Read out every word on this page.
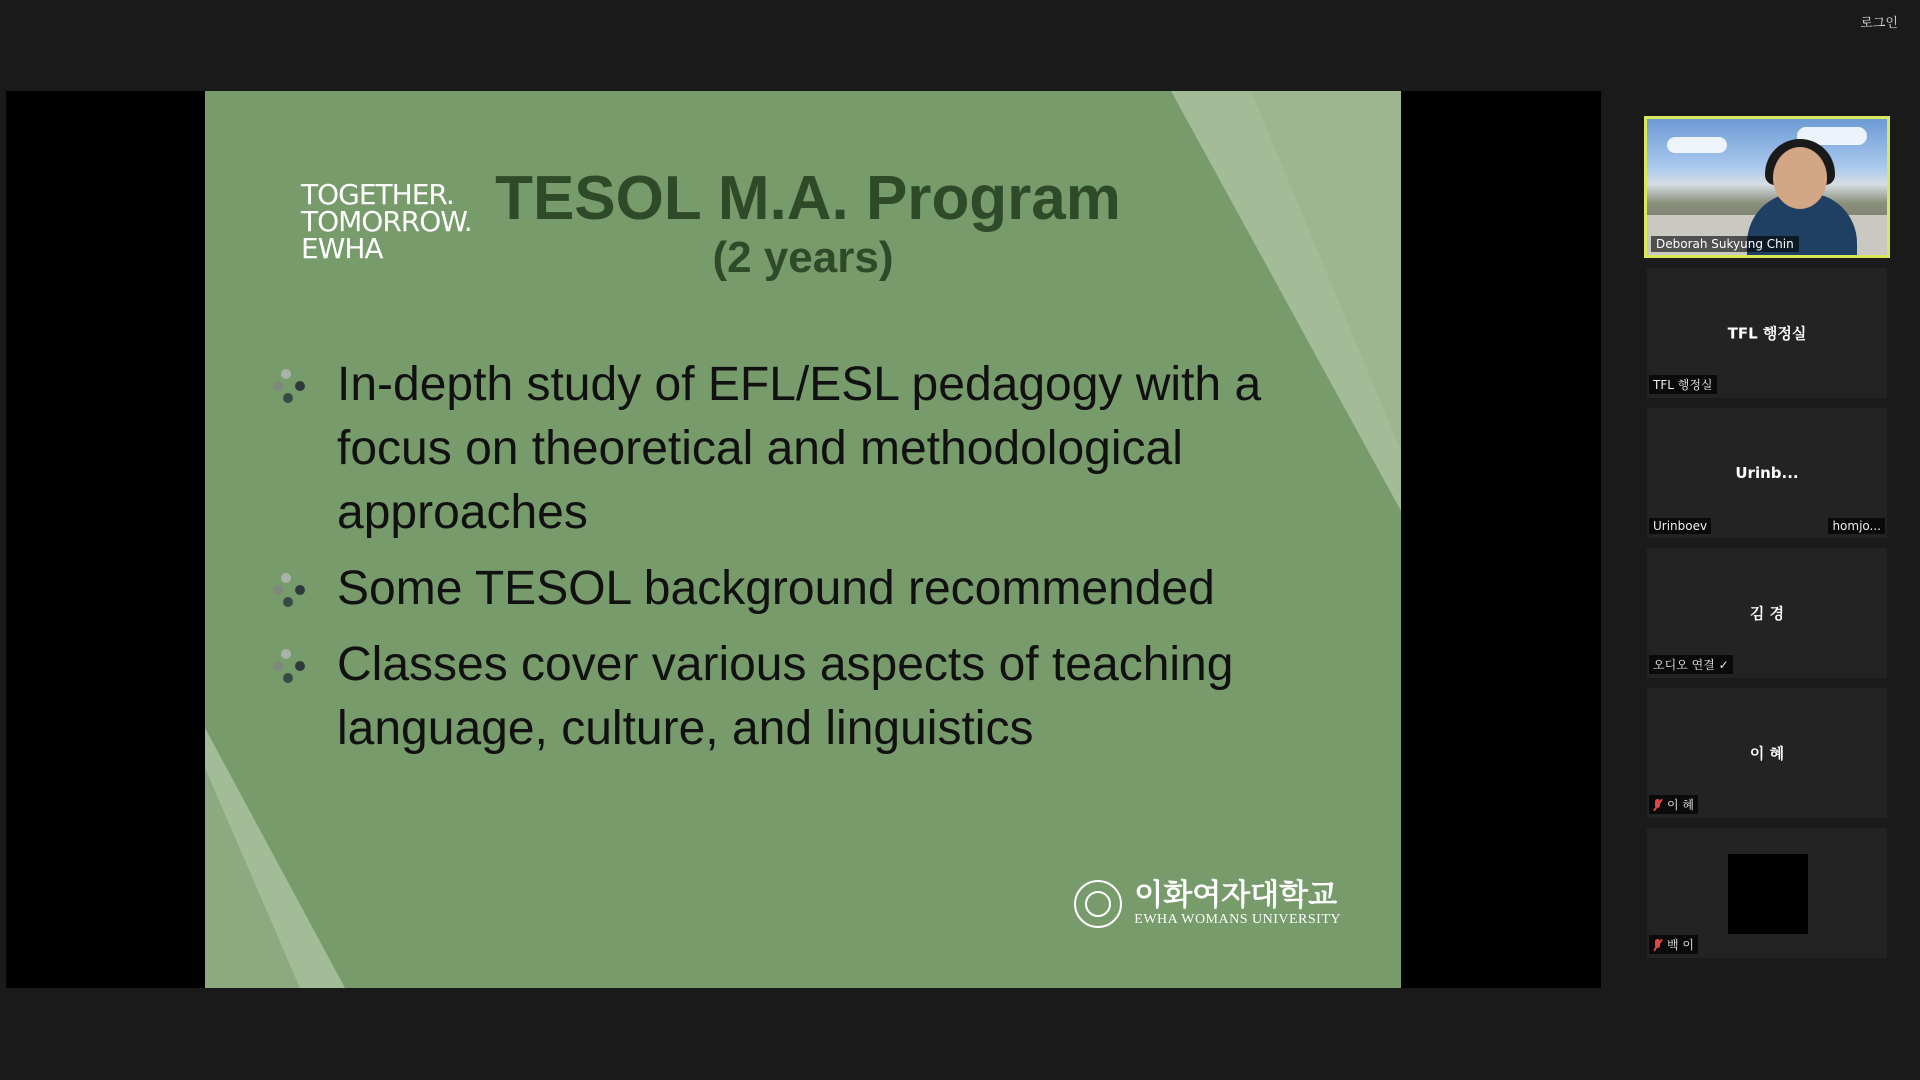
로그인
TOGETHER.
TOMORROW.
EWHA
TESOL M.A. Program
(2 years)
In-depth study of EFL/ESL pedagogy with a focus on theoretical and methodological approaches
Some TESOL background recommended
Classes cover various aspects of teaching language, culture, and linguistics
이화여자대학교
EWHA WOMANS UNIVERSITY
Deborah Sukyung Chin
TFL 행정실
TFL 행정실
Urinb...
Urinboev	homjo...
김 경
오디오 연결 ✓
이 혜
이 혜
백 이
